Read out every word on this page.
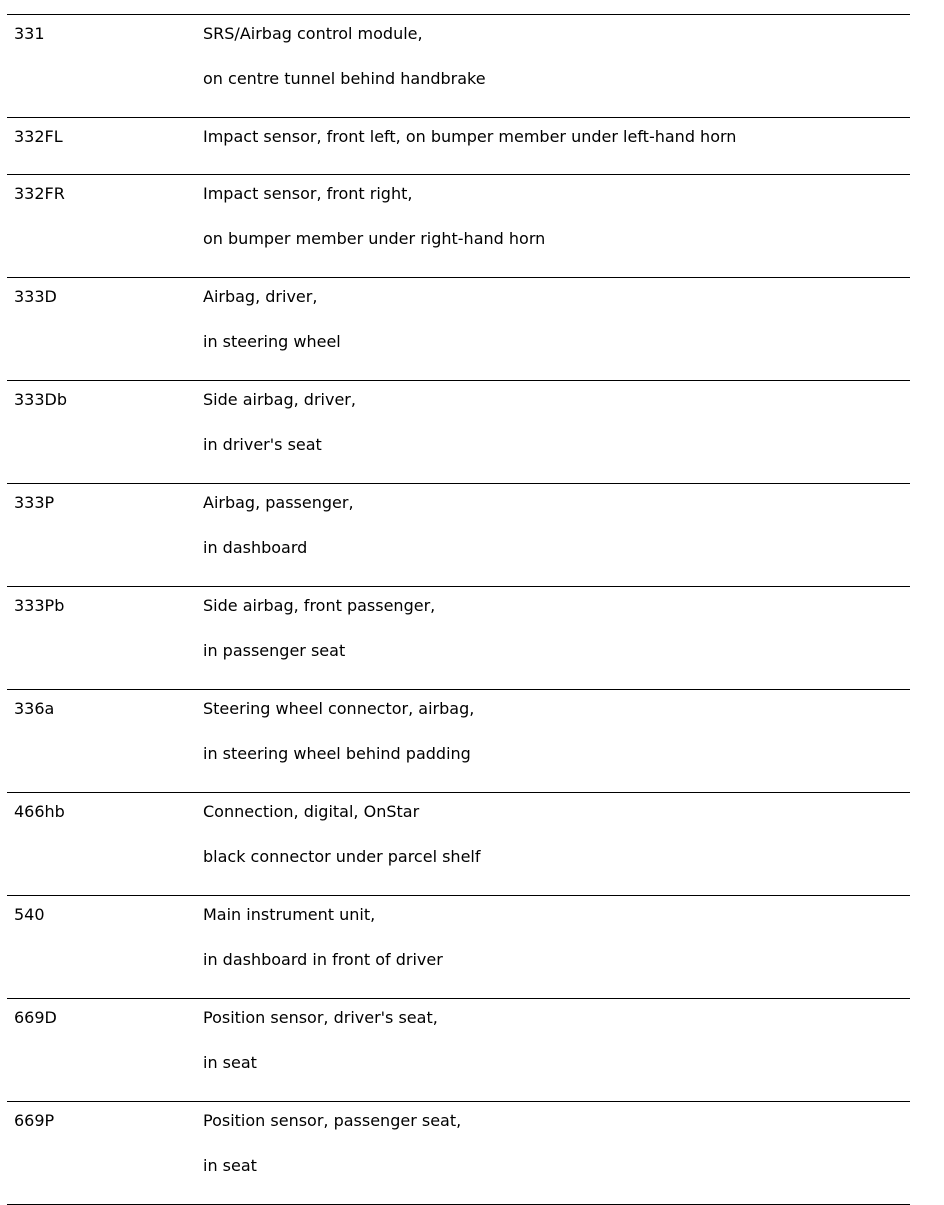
331	SRS/Airbag control module,
on centre tunnel behind handbrake
332FL	Impact sensor, front left, on bumper member under left-hand horn
332FR	Impact sensor, front right,
on bumper member under right-hand horn
333D	Airbag, driver,
in steering wheel
333Db	Side airbag, driver,
in driver's seat
333P	Airbag, passenger,
in dashboard
333Pb	Side airbag, front passenger,
in passenger seat
336a	Steering wheel connector, airbag,
in steering wheel behind padding
466hb	Connection, digital, OnStar
black connector under parcel shelf
540	Main instrument unit,
in dashboard in front of driver
669D	Position sensor, driver's seat,
in seat
669P	Position sensor, passenger seat,
in seat
